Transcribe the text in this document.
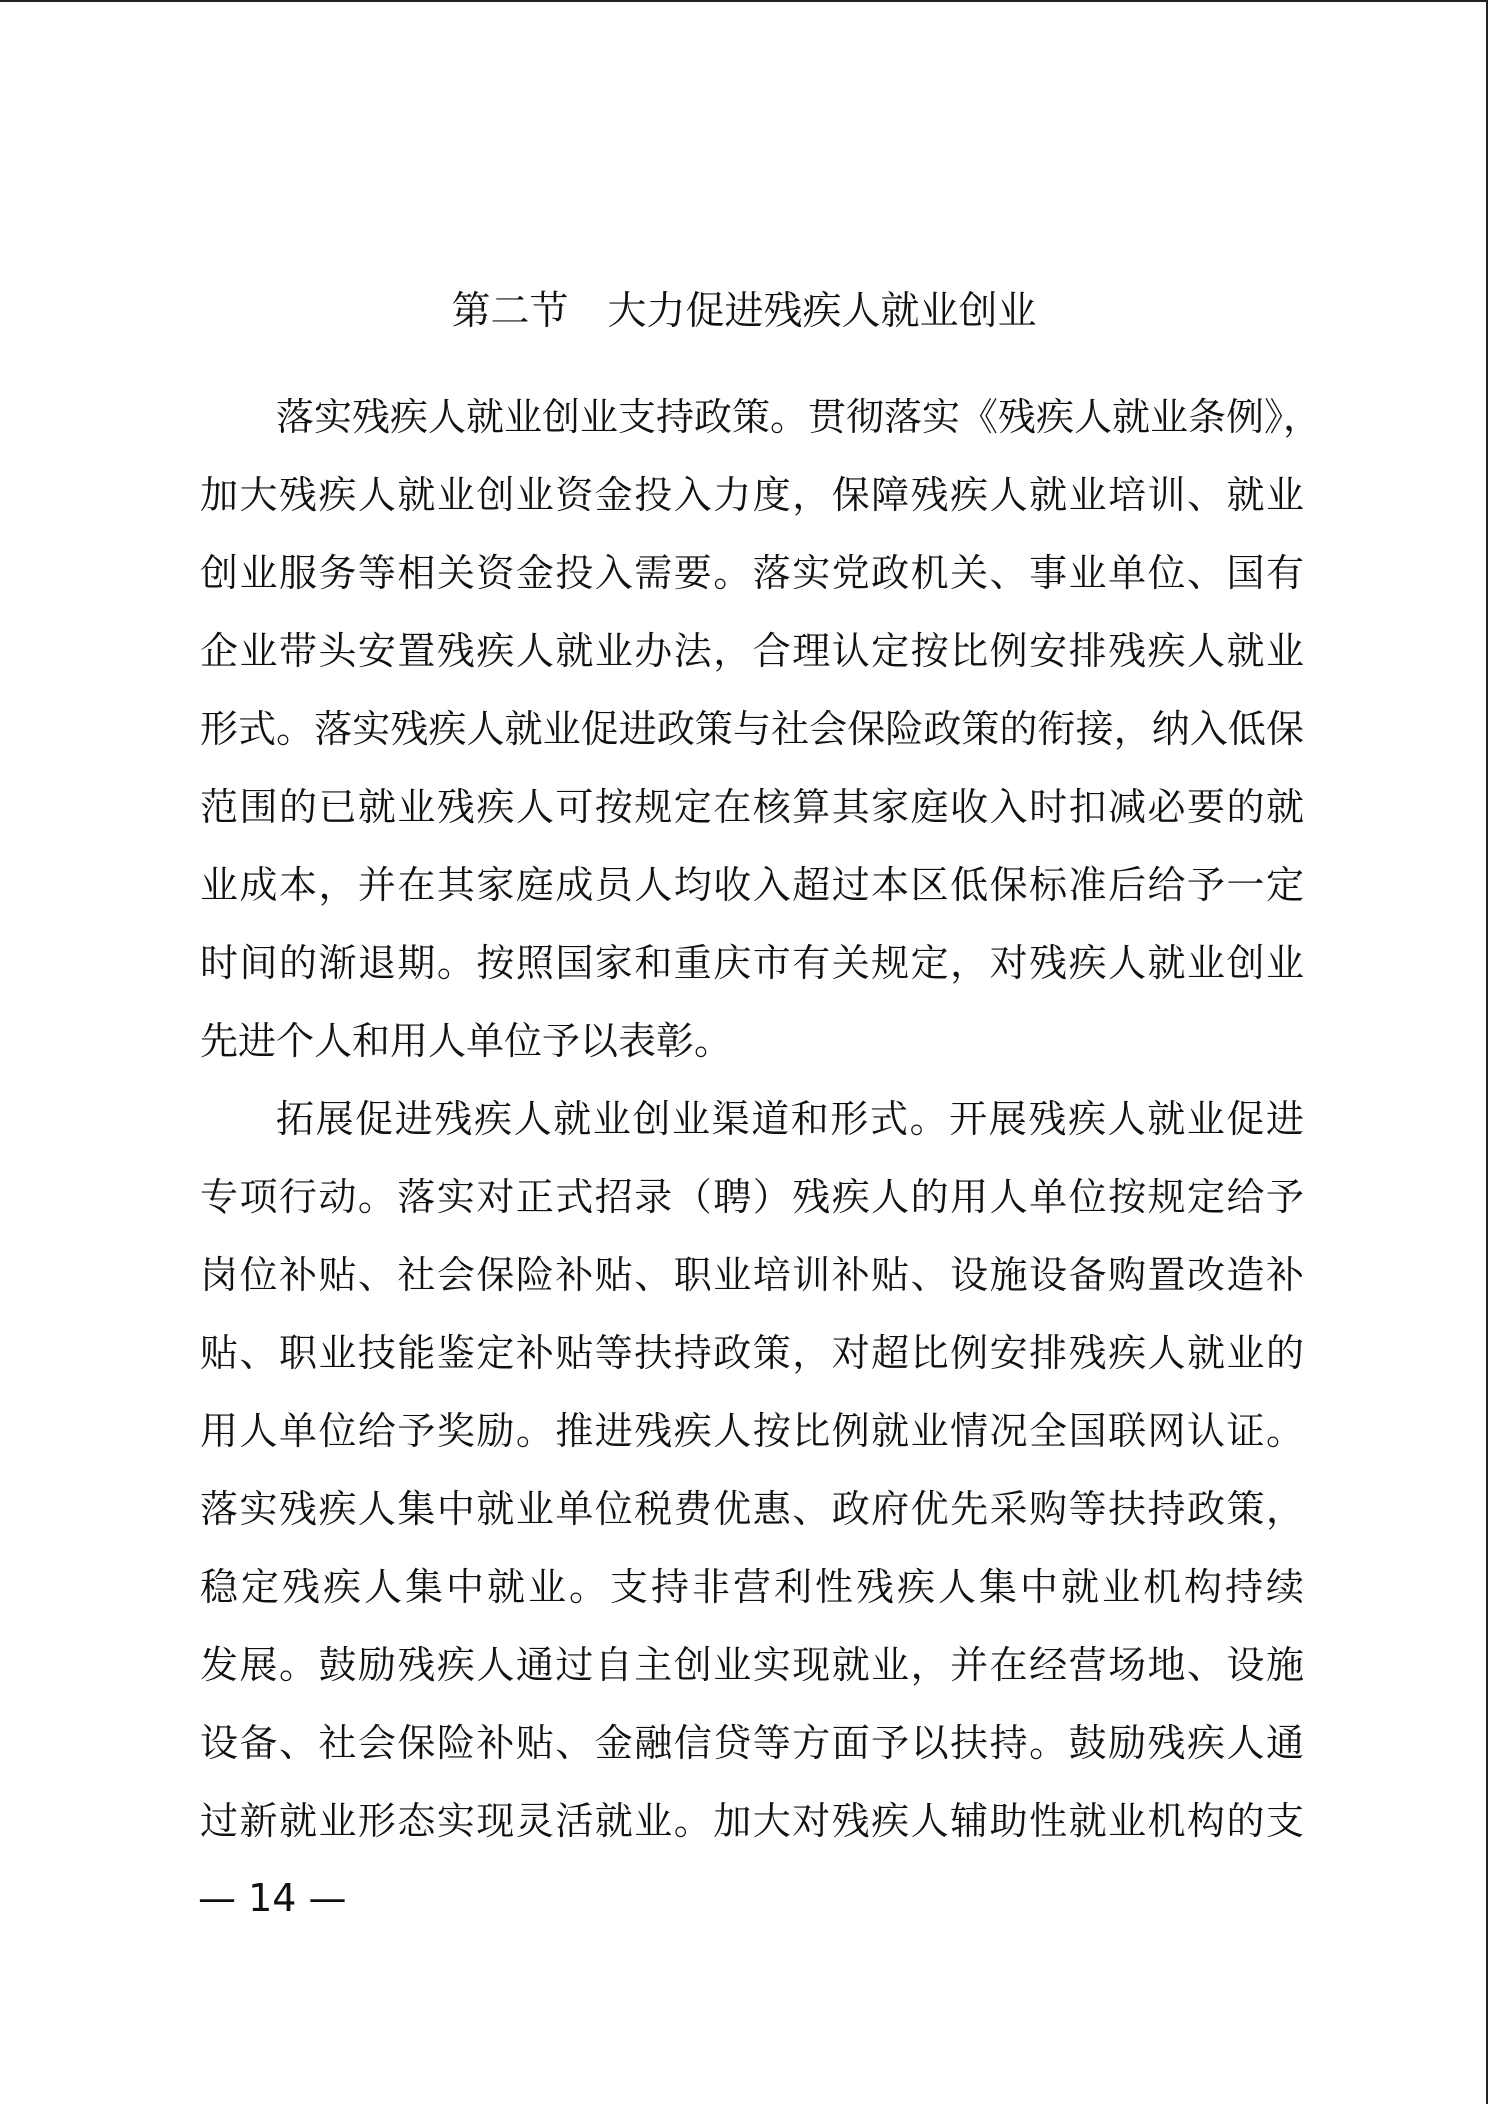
第二节　大力促进残疾人就业创业
落实残疾人就业创业支持政策。贯彻落实《残疾人就业条例》，
加大残疾人就业创业资金投入力度，保障残疾人就业培训、就业
创业服务等相关资金投入需要。落实党政机关、事业单位、国有
企业带头安置残疾人就业办法，合理认定按比例安排残疾人就业
形式。落实残疾人就业促进政策与社会保险政策的衔接，纳入低保
范围的已就业残疾人可按规定在核算其家庭收入时扣减必要的就
业成本，并在其家庭成员人均收入超过本区低保标准后给予一定
时间的渐退期。按照国家和重庆市有关规定，对残疾人就业创业
先进个人和用人单位予以表彰。
拓展促进残疾人就业创业渠道和形式。开展残疾人就业促进
专项行动。落实对正式招录（聘）残疾人的用人单位按规定给予
岗位补贴、社会保险补贴、职业培训补贴、设施设备购置改造补
贴、职业技能鉴定补贴等扶持政策，对超比例安排残疾人就业的
用人单位给予奖励。推进残疾人按比例就业情况全国联网认证。
落实残疾人集中就业单位税费优惠、政府优先采购等扶持政策，
稳定残疾人集中就业。支持非营利性残疾人集中就业机构持续
发展。鼓励残疾人通过自主创业实现就业，并在经营场地、设施
设备、社会保险补贴、金融信贷等方面予以扶持。鼓励残疾人通
过新就业形态实现灵活就业。加大对残疾人辅助性就业机构的支
— 14 —
